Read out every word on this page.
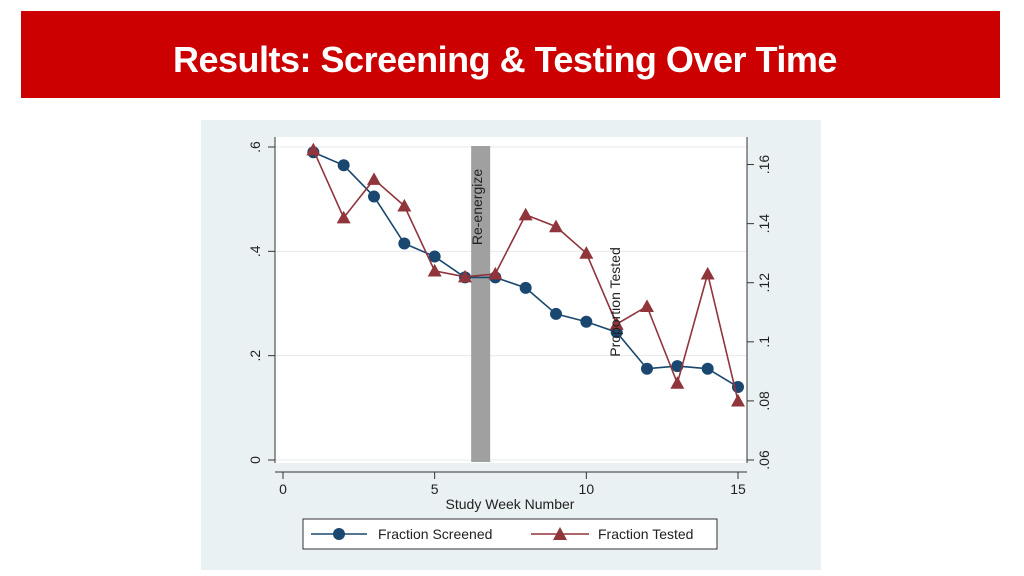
Results: Screening & Testing Over Time
0
.2
.4
.6
.06
.08
.1
.12
.14
.16
0	5	10	15
Re-energize
Study Week Number
Proportion Tested
Fraction Screened	Fraction Tested
